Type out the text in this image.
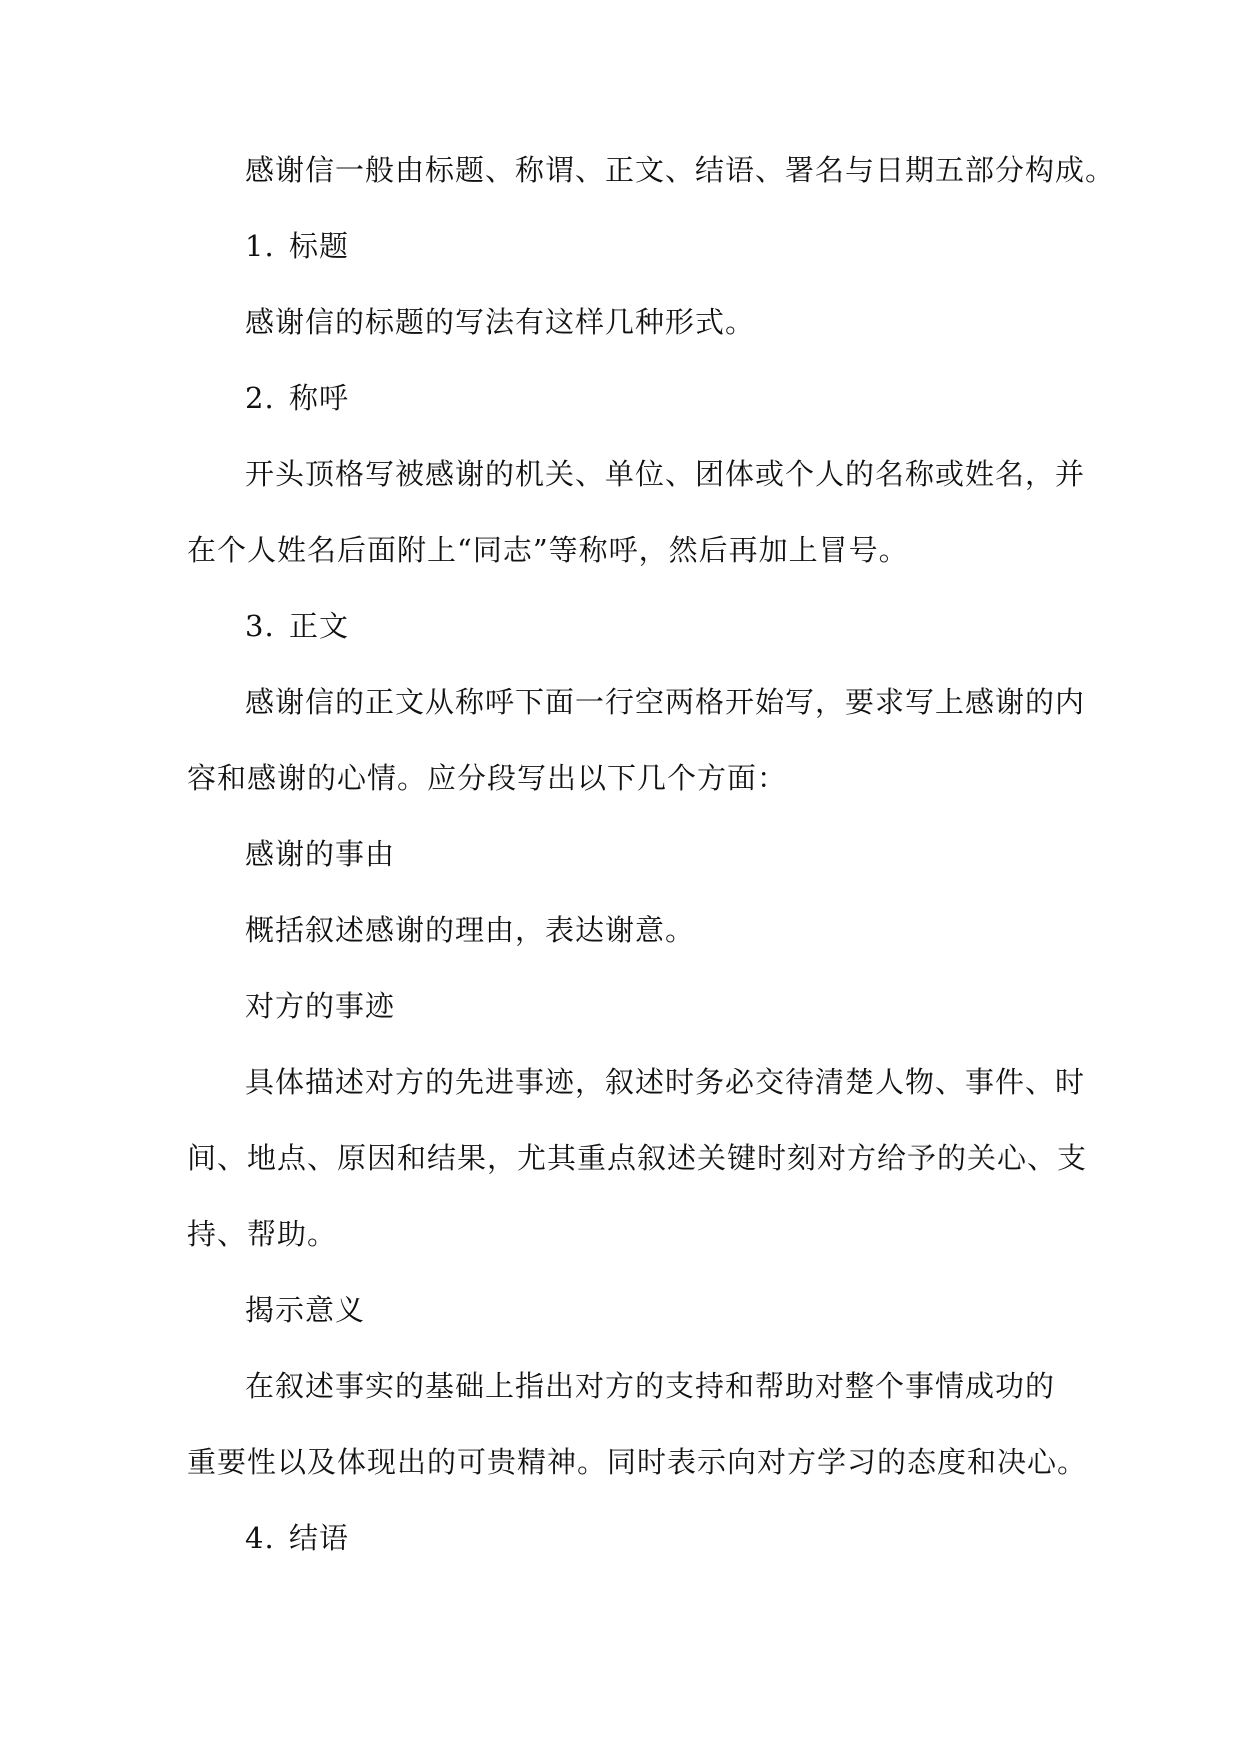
感谢信一般由标题、称谓、正文、结语、署名与日期五部分构成。
1. 标题
感谢信的标题的写法有这样几种形式。
2. 称呼
开头顶格写被感谢的机关、单位、团体或个人的名称或姓名，并
在个人姓名后面附上“同志”等称呼，然后再加上冒号。
3. 正文
感谢信的正文从称呼下面一行空两格开始写，要求写上感谢的内
容和感谢的心情。应分段写出以下几个方面：
感谢的事由
概括叙述感谢的理由，表达谢意。
对方的事迹
具体描述对方的先进事迹，叙述时务必交待清楚人物、事件、时
间、地点、原因和结果，尤其重点叙述关键时刻对方给予的关心、支
持、帮助。
揭示意义
在叙述事实的基础上指出对方的支持和帮助对整个事情成功的
重要性以及体现出的可贵精神。同时表示向对方学习的态度和决心。
4. 结语
